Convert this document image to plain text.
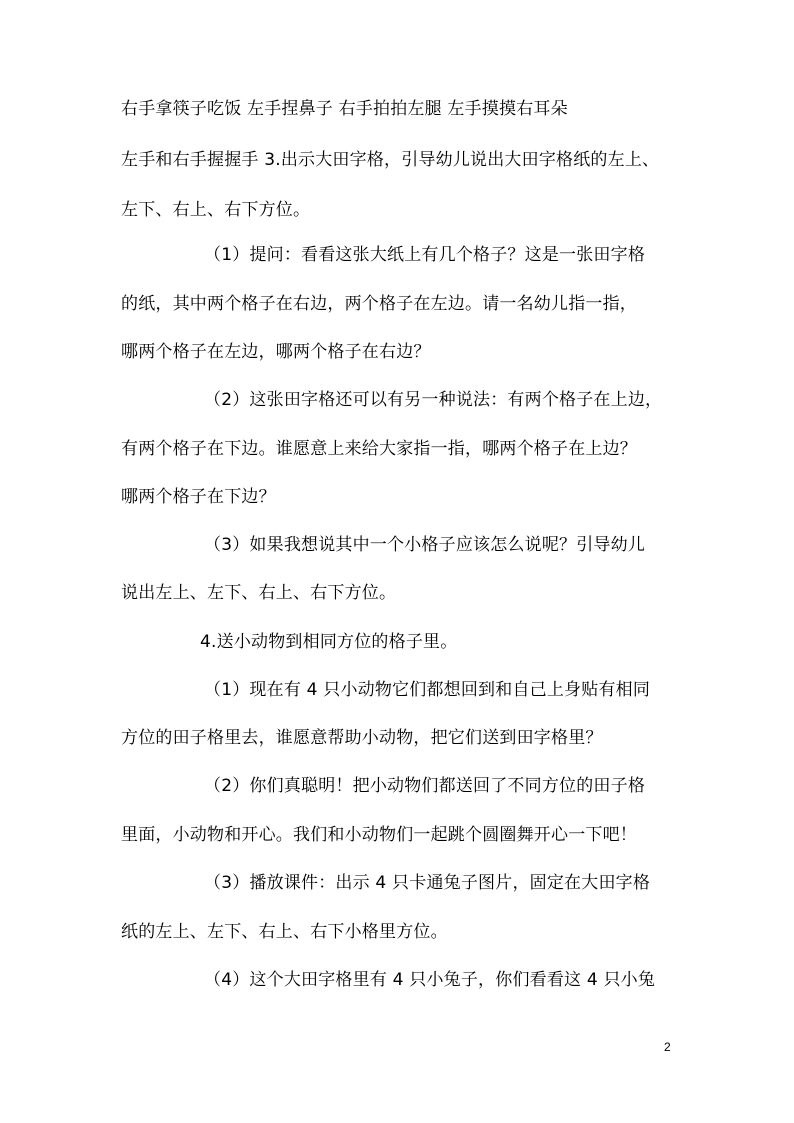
右手拿筷子吃饭 左手捏鼻子 右手拍拍左腿 左手摸摸右耳朵
左手和右手握握手 3.出示大田字格，引导幼儿说出大田字格纸的左上、
左下、右上、右下方位。
（1）提问：看看这张大纸上有几个格子？这是一张田字格
的纸，其中两个格子在右边，两个格子在左边。请一名幼儿指一指，
哪两个格子在左边，哪两个格子在右边？
（2）这张田字格还可以有另一种说法：有两个格子在上边，
有两个格子在下边。谁愿意上来给大家指一指，哪两个格子在上边？
哪两个格子在下边？
（3）如果我想说其中一个小格子应该怎么说呢？引导幼儿
说出左上、左下、右上、右下方位。
4.送小动物到相同方位的格子里。
（1）现在有 4 只小动物它们都想回到和自己上身贴有相同
方位的田子格里去，谁愿意帮助小动物，把它们送到田字格里？
（2）你们真聪明！把小动物们都送回了不同方位的田子格
里面，小动物和开心。我们和小动物们一起跳个圆圈舞开心一下吧！
（3）播放课件：出示 4 只卡通兔子图片，固定在大田字格
纸的左上、左下、右上、右下小格里方位。
（4）这个大田字格里有 4 只小兔子，你们看看这 4 只小兔
2
